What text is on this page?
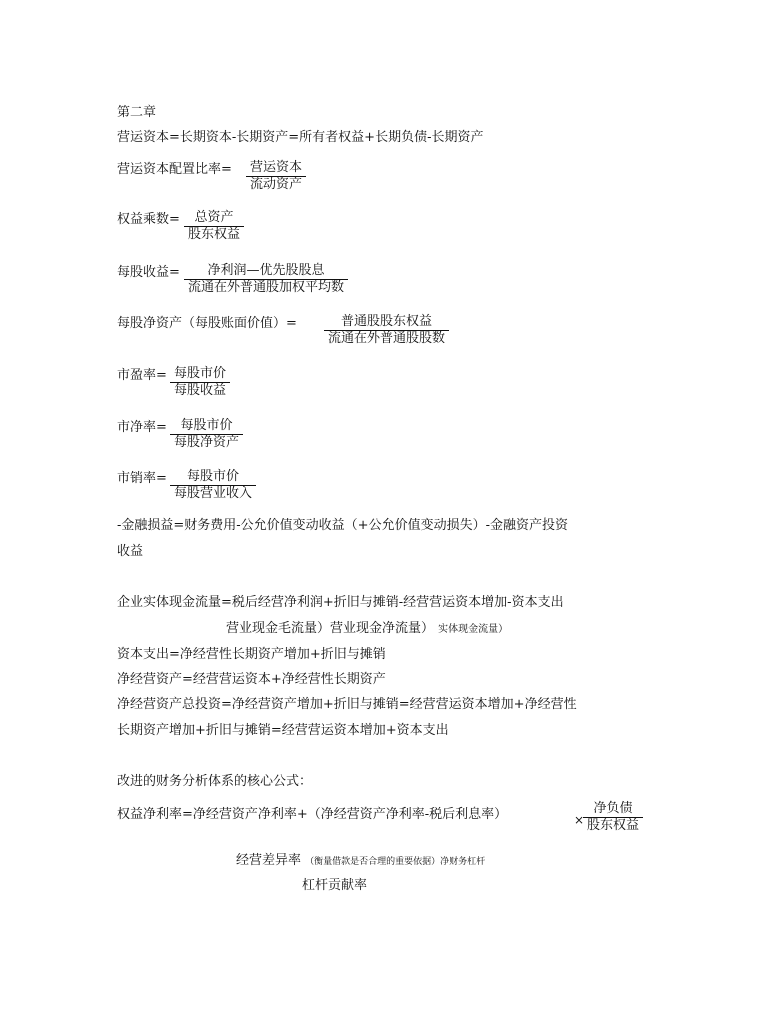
第二章
营运资本=长期资本-长期资产=所有者权益+长期负债-长期资产
营运资本配置比率=	营运资本
流动资产
权益乘数=	总资产
股东权益
每股收益=	净利润—优先股股息
流通在外普通股加权平均数
每股净资产（每股账面价值）=	普通股股东权益
流通在外普通股股数
市盈率= 每股市价
每股收益
市净率=	每股市价
每股净资产
市销率=	每股市价
每股营业收入
-金融损益=财务费用-公允价值变动收益（+公允价值变动损失）-金融资产投资
收益
企业实体现金流量=税后经营净利润+折旧与摊销-经营营运资本增加-资本支出
营业现金毛流量）营业现金净流量） 实体现金流量）
资本支出=净经营性长期资产增加+折旧与摊销
净经营资产=经营营运资本+净经营性长期资产
净经营资产总投资=净经营资产增加+折旧与摊销=经营营运资本增加+净经营性
长期资产增加+折旧与摊销=经营营运资本增加+资本支出
改进的财务分析体系的核心公式：
权益净利率=净经营资产净利率+（净经营资产净利率-税后利息率）	×
净负债
股东权益
经营差异率 （衡量借款是否合理的重要依据）净财务杠杆
杠杆贡献率
